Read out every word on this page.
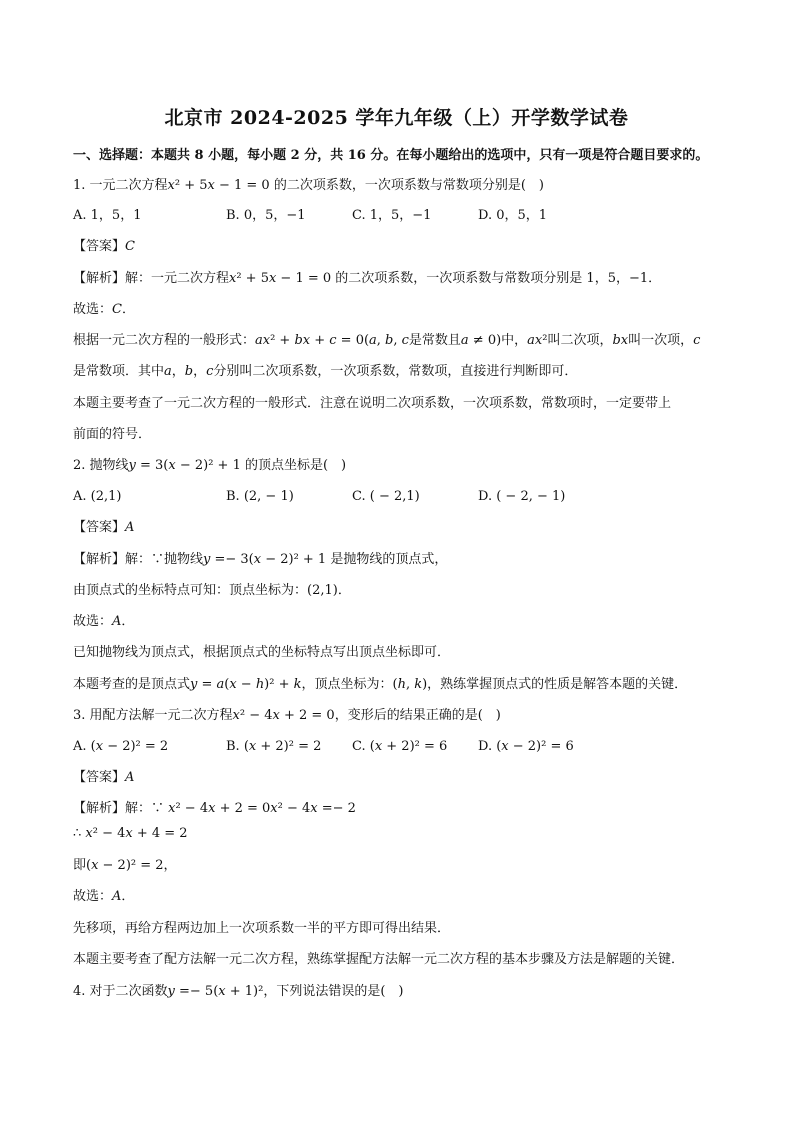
北京市 2024-2025 学年九年级（上）开学数学试卷
一、选择题：本题共 8 小题，每小题 2 分，共 16 分。在每小题给出的选项中，只有一项是符合题目要求的。
1. 一元二次方程𝑥² + 5𝑥 − 1 = 0 的二次项系数，一次项系数与常数项分别是(　)
A. 1，5，1	B. 0，5，−1	C. 1，5，−1	D. 0，5，1
【答案】𝐶
【解析】解：一元二次方程𝑥² + 5𝑥 − 1 = 0 的二次项系数，一次项系数与常数项分别是 1，5，−1．
故选：𝐶．
根据一元二次方程的一般形式：𝑎𝑥² + 𝑏𝑥 + 𝑐 = 0(𝑎, 𝑏, 𝑐是常数且𝑎 ≠ 0)中，𝑎𝑥²叫二次项，𝑏𝑥叫一次项，𝑐
是常数项．其中𝑎，𝑏，𝑐分别叫二次项系数，一次项系数，常数项，直接进行判断即可．
本题主要考查了一元二次方程的一般形式．注意在说明二次项系数，一次项系数，常数项时，一定要带上
前面的符号．
2. 抛物线𝑦 = 3(𝑥 − 2)² + 1 的顶点坐标是(　)
A. (2,1)	B. (2, − 1)	C. ( − 2,1)	D. ( − 2, − 1)
【答案】𝐴
【解析】解：∵抛物线𝑦 =− 3(𝑥 − 2)² + 1 是抛物线的顶点式，
由顶点式的坐标特点可知：顶点坐标为：(2,1)．
故选：𝐴．
已知抛物线为顶点式，根据顶点式的坐标特点写出顶点坐标即可．
本题考查的是顶点式𝑦 = 𝑎(𝑥 − ℎ)² + 𝑘，顶点坐标为：(ℎ, 𝑘)，熟练掌握顶点式的性质是解答本题的关键．
3. 用配方法解一元二次方程𝑥² − 4𝑥 + 2 = 0，变形后的结果正确的是(　)
A. (𝑥 − 2)² = 2	B. (𝑥 + 2)² = 2 C. (𝑥 + 2)² = 6 D. (𝑥 − 2)² = 6
【答案】𝐴
【解析】解：∵ 𝑥² − 4𝑥 + 2 = 0𝑥² − 4𝑥 =− 2
∴ 𝑥² − 4𝑥 + 4 = 2
即(𝑥 − 2)² = 2，
故选：𝐴．
先移项，再给方程两边加上一次项系数一半的平方即可得出结果．
本题主要考查了配方法解一元二次方程，熟练掌握配方法解一元二次方程的基本步骤及方法是解题的关键．
4. 对于二次函数𝑦 =− 5(𝑥 + 1)²，下列说法错误的是(　)
